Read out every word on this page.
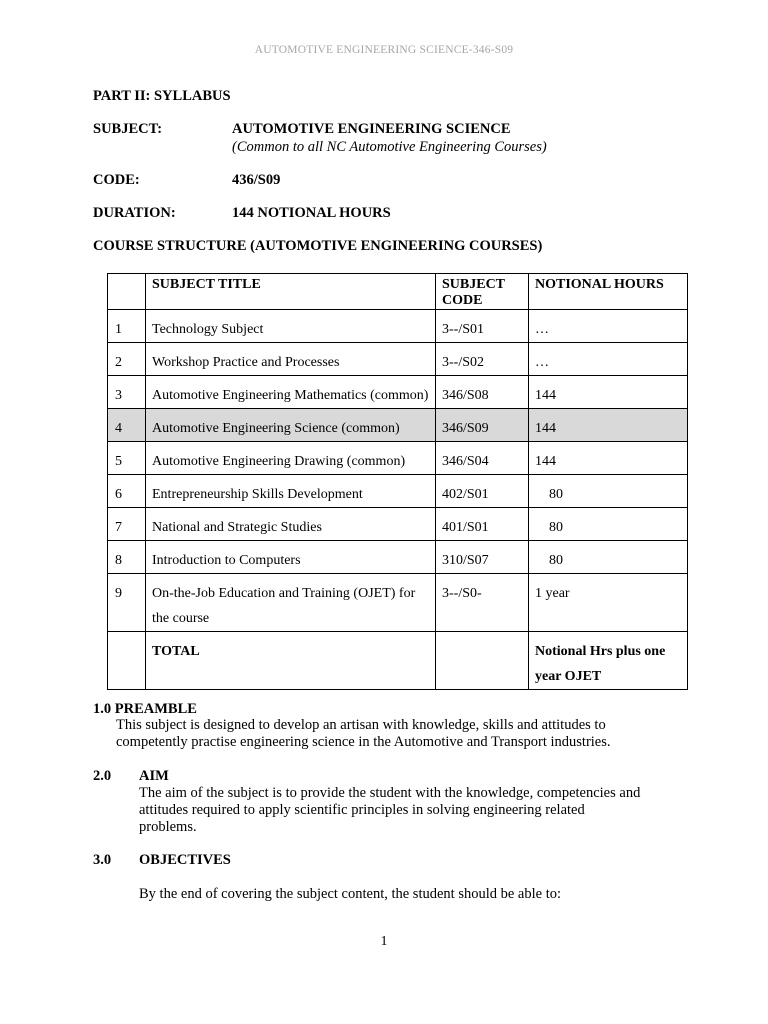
AUTOMOTIVE ENGINEERING SCIENCE-346-S09
PART II: SYLLABUS
SUBJECT:	AUTOMOTIVE ENGINEERING SCIENCE
(Common to all NC Automotive Engineering Courses)
CODE:	436/S09
DURATION:	144 NOTIONAL HOURS
COURSE STRUCTURE (AUTOMOTIVE ENGINEERING COURSES)
	SUBJECT TITLE	SUBJECT CODE	NOTIONAL HOURS
1	Technology Subject	3--/S01	…
2	Workshop Practice and Processes	3--/S02	…
3	Automotive Engineering Mathematics (common)	346/S08	144
4	Automotive Engineering Science (common)	346/S09	144
5	Automotive Engineering Drawing (common)	346/S04	144
6	Entrepreneurship Skills Development	402/S01	80
7	National and Strategic Studies	401/S01	80
8	Introduction to Computers	310/S07	80
9	On-the-Job Education and Training (OJET) for the course	3--/S0-	1 year
	TOTAL		Notional Hrs plus one year OJET
1.0 PREAMBLE
This subject is designed to develop an artisan with knowledge, skills and attitudes to
competently practise engineering science in the Automotive and Transport industries.
2.0 AIM
The aim of the subject is to provide the student with the knowledge, competencies and
attitudes required to apply scientific principles in solving engineering related
problems.
3.0 OBJECTIVES
By the end of covering the subject content, the student should be able to:
1
